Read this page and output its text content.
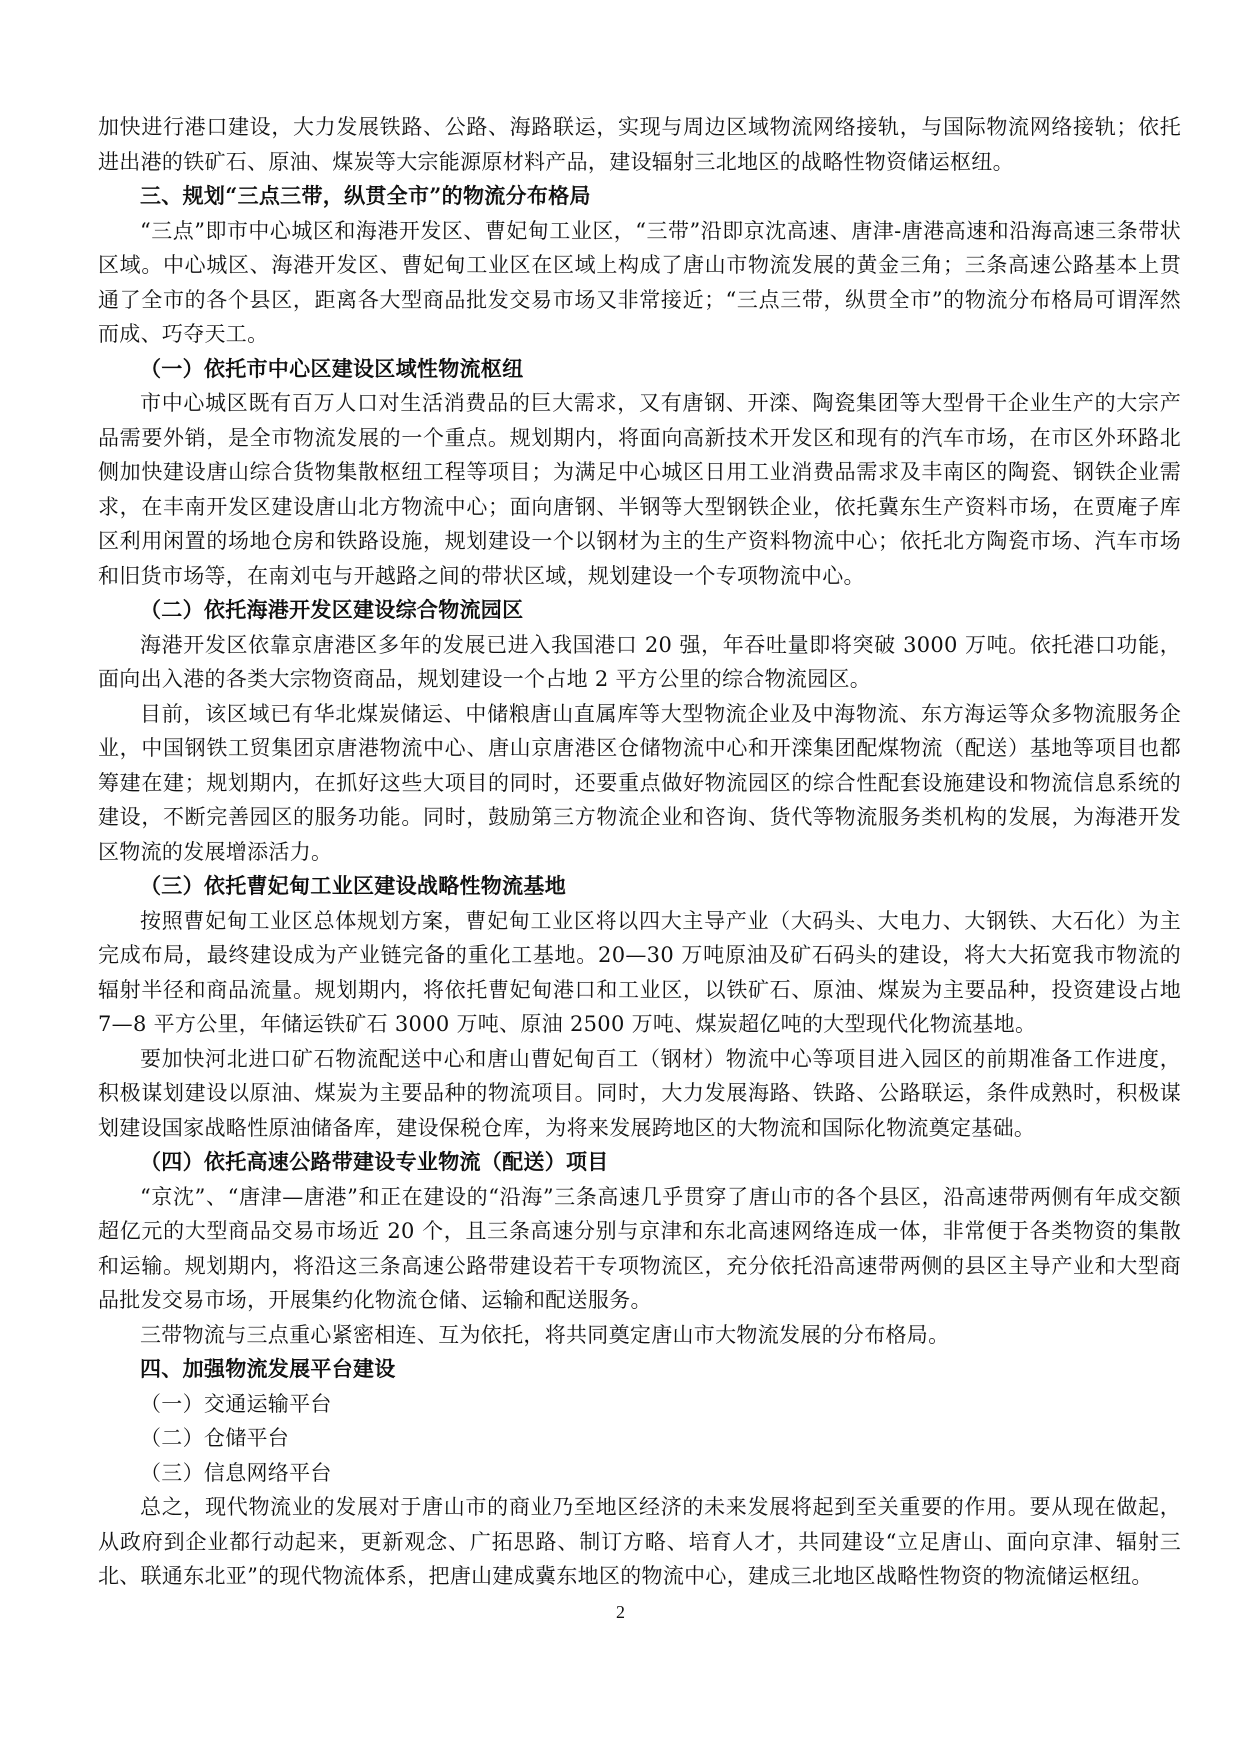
加快进行港口建设，大力发展铁路、公路、海路联运，实现与周边区域物流网络接轨，与国际物流网络接轨；依托进出港的铁矿石、原油、煤炭等大宗能源原材料产品，建设辐射三北地区的战略性物资储运枢纽。

三、规划“三点三带，纵贯全市”的物流分布格局

“三点”即市中心城区和海港开发区、曹妃甸工业区，“三带”沿即京沈高速、唐津-唐港高速和沿海高速三条带状区域。中心城区、海港开发区、曹妃甸工业区在区域上构成了唐山市物流发展的黄金三角；三条高速公路基本上贯通了全市的各个县区，距离各大型商品批发交易市场又非常接近；“三点三带，纵贯全市”的物流分布格局可谓浑然而成、巧夺天工。

（一）依托市中心区建设区域性物流枢纽

市中心城区既有百万人口对生活消费品的巨大需求，又有唐钢、开滦、陶瓷集团等大型骨干企业生产的大宗产品需要外销，是全市物流发展的一个重点。规划期内，将面向高新技术开发区和现有的汽车市场，在市区外环路北侧加快建设唐山综合货物集散枢纽工程等项目；为满足中心城区日用工业消费品需求及丰南区的陶瓷、钢铁企业需求，在丰南开发区建设唐山北方物流中心；面向唐钢、半钢等大型钢铁企业，依托冀东生产资料市场，在贾庵子库区利用闲置的场地仓房和铁路设施，规划建设一个以钢材为主的生产资料物流中心；依托北方陶瓷市场、汽车市场和旧货市场等，在南刘屯与开越路之间的带状区域，规划建设一个专项物流中心。

（二）依托海港开发区建设综合物流园区

海港开发区依靠京唐港区多年的发展已进入我国港口 20 强，年吞吐量即将突破 3000 万吨。依托港口功能，面向出入港的各类大宗物资商品，规划建设一个占地 2 平方公里的综合物流园区。

目前，该区域已有华北煤炭储运、中储粮唐山直属库等大型物流企业及中海物流、东方海运等众多物流服务企业，中国钢铁工贸集团京唐港物流中心、唐山京唐港区仓储物流中心和开滦集团配煤物流（配送）基地等项目也都筹建在建；规划期内，在抓好这些大项目的同时，还要重点做好物流园区的综合性配套设施建设和物流信息系统的建设，不断完善园区的服务功能。同时，鼓励第三方物流企业和咨询、货代等物流服务类机构的发展，为海港开发区物流的发展增添活力。

（三）依托曹妃甸工业区建设战略性物流基地

按照曹妃甸工业区总体规划方案，曹妃甸工业区将以四大主导产业（大码头、大电力、大钢铁、大石化）为主完成布局，最终建设成为产业链完备的重化工基地。20—30 万吨原油及矿石码头的建设，将大大拓宽我市物流的辐射半径和商品流量。规划期内，将依托曹妃甸港口和工业区，以铁矿石、原油、煤炭为主要品种，投资建设占地 7—8 平方公里，年储运铁矿石 3000 万吨、原油 2500 万吨、煤炭超亿吨的大型现代化物流基地。

要加快河北进口矿石物流配送中心和唐山曹妃甸百工（钢材）物流中心等项目进入园区的前期准备工作进度，积极谋划建设以原油、煤炭为主要品种的物流项目。同时，大力发展海路、铁路、公路联运，条件成熟时，积极谋划建设国家战略性原油储备库，建设保税仓库，为将来发展跨地区的大物流和国际化物流奠定基础。

（四）依托高速公路带建设专业物流（配送）项目

“京沈”、“唐津—唐港”和正在建设的“沿海”三条高速几乎贯穿了唐山市的各个县区，沿高速带两侧有年成交额超亿元的大型商品交易市场近 20 个，且三条高速分别与京津和东北高速网络连成一体，非常便于各类物资的集散和运输。规划期内，将沿这三条高速公路带建设若干专项物流区，充分依托沿高速带两侧的县区主导产业和大型商品批发交易市场，开展集约化物流仓储、运输和配送服务。

三带物流与三点重心紧密相连、互为依托，将共同奠定唐山市大物流发展的分布格局。

四、加强物流发展平台建设

（一）交通运输平台

（二）仓储平台

（三）信息网络平台

总之，现代物流业的发展对于唐山市的商业乃至地区经济的未来发展将起到至关重要的作用。要从现在做起，从政府到企业都行动起来，更新观念、广拓思路、制订方略、培育人才，共同建设“立足唐山、面向京津、辐射三北、联通东北亚”的现代物流体系，把唐山建成冀东地区的物流中心，建成三北地区战略性物资的物流储运枢纽。

2
